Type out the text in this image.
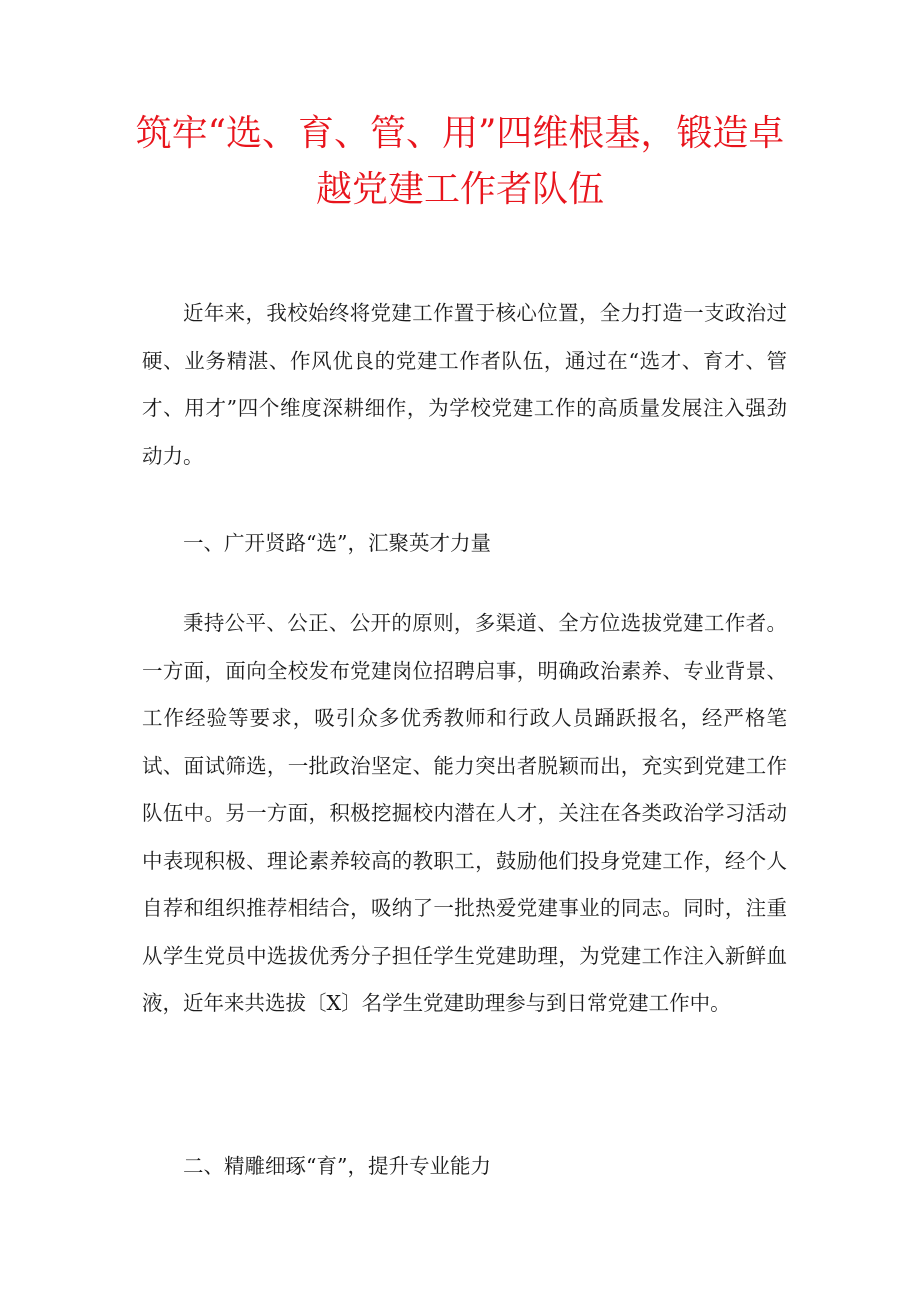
筑牢“选、育、管、用”四维根基，锻造卓越党建工作者队伍

近年来，我校始终将党建工作置于核心位置，全力打造一支政治过硬、业务精湛、作风优良的党建工作者队伍，通过在“选才、育才、管才、用才”四个维度深耕细作，为学校党建工作的高质量发展注入强劲动力。

一、广开贤路“选”，汇聚英才力量

秉持公平、公正、公开的原则，多渠道、全方位选拔党建工作者。一方面，面向全校发布党建岗位招聘启事，明确政治素养、专业背景、工作经验等要求，吸引众多优秀教师和行政人员踊跃报名，经严格笔试、面试筛选，一批政治坚定、能力突出者脱颖而出，充实到党建工作队伍中。另一方面，积极挖掘校内潜在人才，关注在各类政治学习活动中表现积极、理论素养较高的教职工，鼓励他们投身党建工作，经个人自荐和组织推荐相结合，吸纳了一批热爱党建事业的同志。同时，注重从学生党员中选拔优秀分子担任学生党建助理，为党建工作注入新鲜血液，近年来共选拔〔X〕名学生党建助理参与到日常党建工作中。

二、精雕细琢“育”，提升专业能力
